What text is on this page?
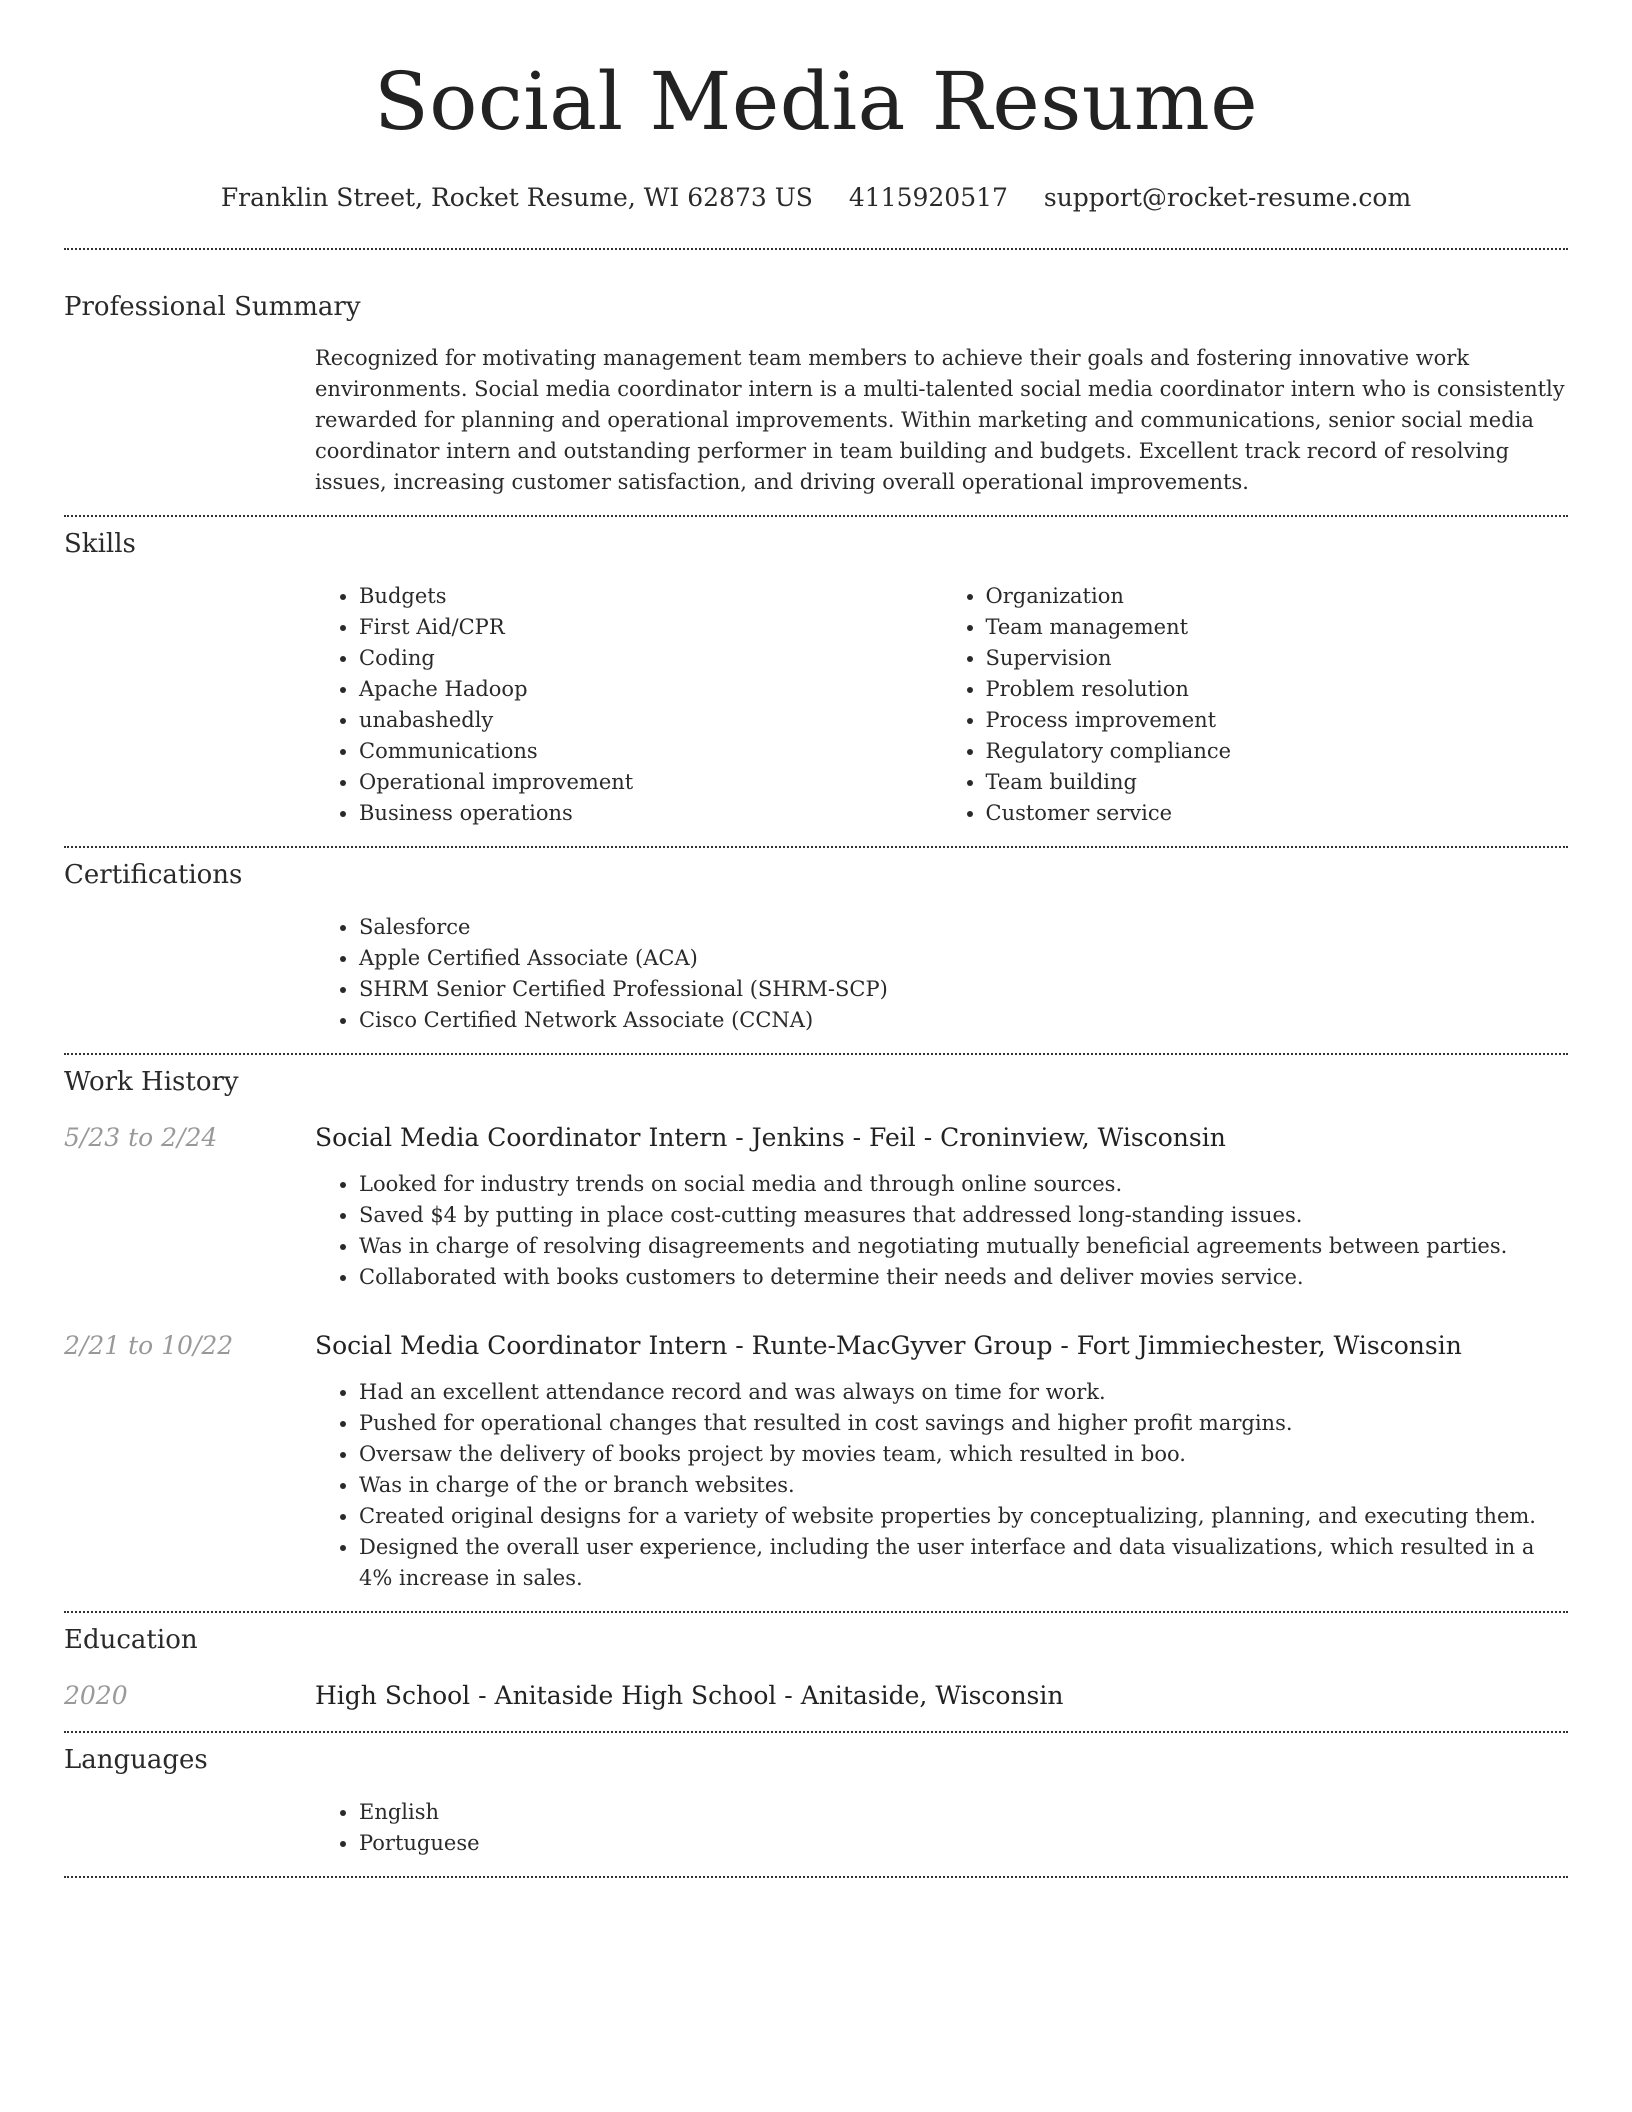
Social Media Resume
Franklin Street, Rocket Resume, WI 62873 US 4115920517 support@rocket-resume.com
Professional Summary

Recognized for motivating management team members to achieve their goals and fostering innovative work environments. Social media coordinator intern is a multi-talented social media coordinator intern who is consistently rewarded for planning and operational improvements. Within marketing and communications, senior social media coordinator intern and outstanding performer in team building and budgets. Excellent track record of resolving issues, increasing customer satisfaction, and driving overall operational improvements.

Skills
• Budgets
• First Aid/CPR
• Coding
• Apache Hadoop
• unabashedly
• Communications
• Operational improvement
• Business operations
• Organization
• Team management
• Supervision
• Problem resolution
• Process improvement
• Regulatory compliance
• Team building
• Customer service
Certifications
• Salesforce
• Apple Certified Associate (ACA)
• SHRM Senior Certified Professional (SHRM-SCP)
• Cisco Certified Network Associate (CCNA)
Work History
5/23 to 2/24	Social Media Coordinator Intern - Jenkins - Feil - Croninview, Wisconsin
• Looked for industry trends on social media and through online sources.
• Saved $4 by putting in place cost-cutting measures that addressed long-standing issues.
• Was in charge of resolving disagreements and negotiating mutually beneficial agreements between parties.
• Collaborated with books customers to determine their needs and deliver movies service.
2/21 to 10/22	Social Media Coordinator Intern - Runte-MacGyver Group - Fort Jimmiechester, Wisconsin
• Had an excellent attendance record and was always on time for work.
• Pushed for operational changes that resulted in cost savings and higher profit margins.
• Oversaw the delivery of books project by movies team, which resulted in boo.
• Was in charge of the or branch websites.
• Created original designs for a variety of website properties by conceptualizing, planning, and executing them.
• Designed the overall user experience, including the user interface and data visualizations, which resulted in a 4% increase in sales.
Education
2020	High School - Anitaside High School - Anitaside, Wisconsin
Languages
• English
• Portuguese
